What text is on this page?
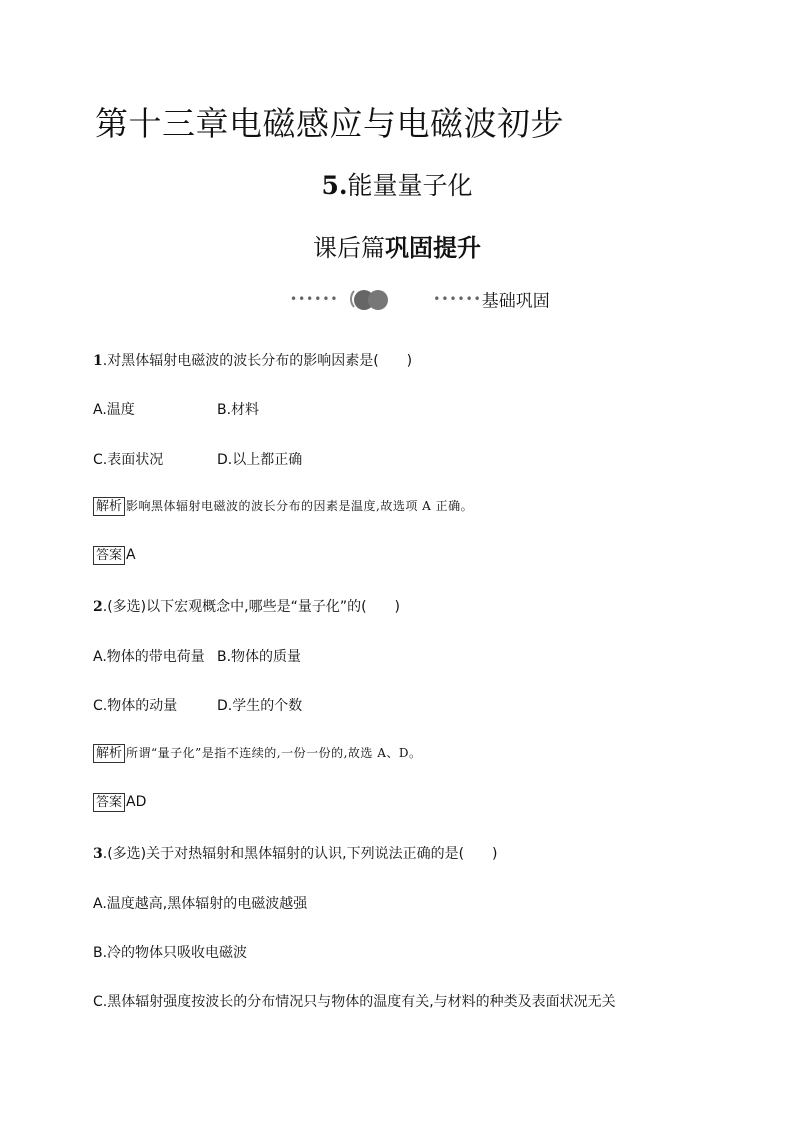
第十三章电磁感应与电磁波初步
5.能量量子化
课后篇巩固提升
••••••	••••••基础巩固
1.对黑体辐射电磁波的波长分布的影响因素是(　　)
A.温度	B.材料
C.表面状况	D.以上都正确
解析 影响黑体辐射电磁波的波长分布的因素是温度,故选项 A 正确。
答案 A
2.(多选)以下宏观概念中,哪些是“量子化”的(　　)
A.物体的带电荷量 B.物体的质量
C.物体的动量	D.学生的个数
解析 所谓“量子化”是指不连续的,一份一份的,故选 A、D。
答案 AD
3.(多选)关于对热辐射和黑体辐射的认识,下列说法正确的是(　　)
A.温度越高,黑体辐射的电磁波越强
B.冷的物体只吸收电磁波
C.黑体辐射强度按波长的分布情况只与物体的温度有关,与材料的种类及表面状况无关
